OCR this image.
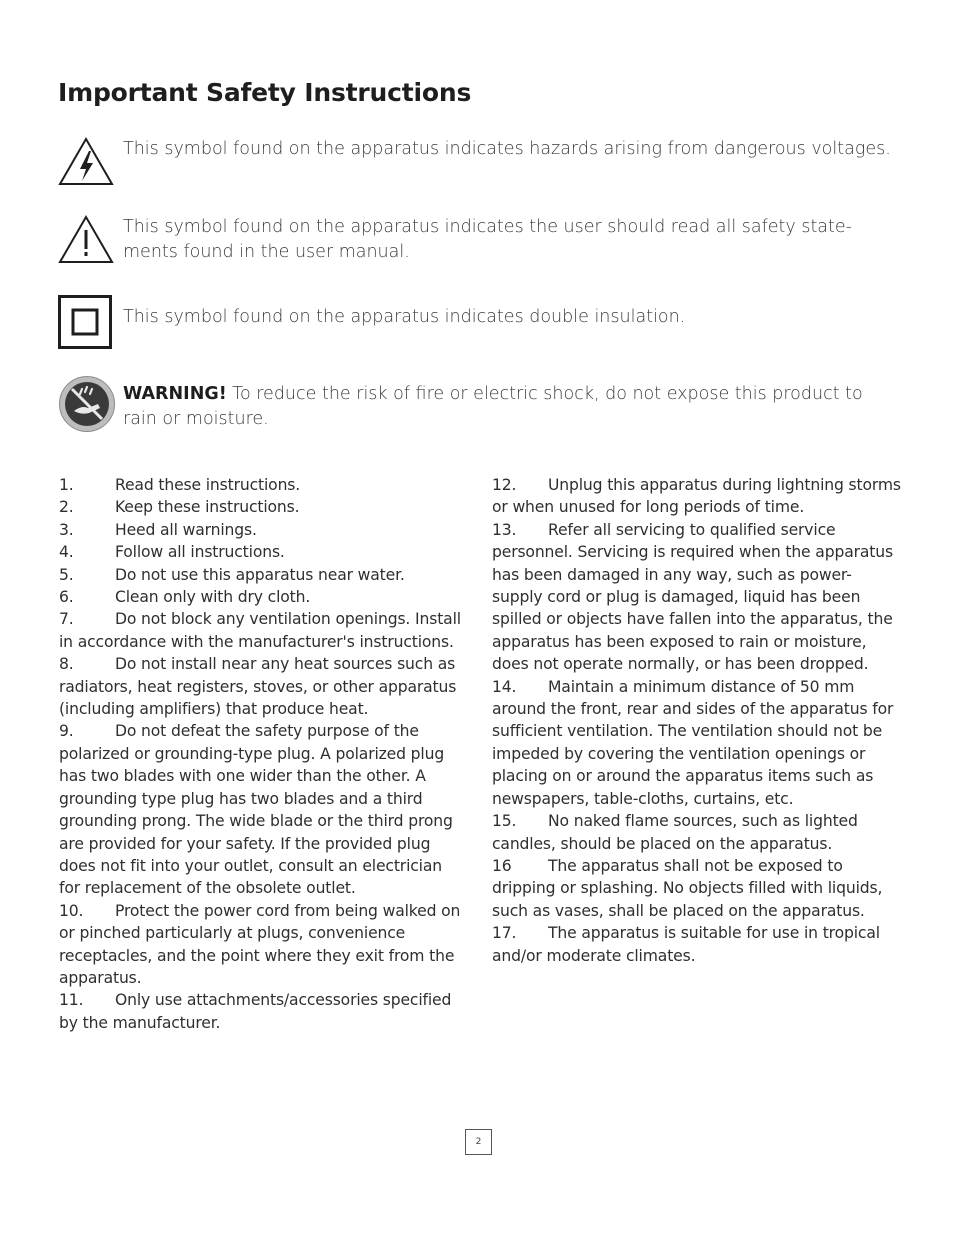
Important Safety Instructions
This symbol found on the apparatus indicates hazards arising from dangerous voltages.
This symbol found on the apparatus indicates the user should read all safety state-ments found in the user manual.
This symbol found on the apparatus indicates double insulation.
WARNING! To reduce the risk of fire or electric shock, do not expose this product to rain or moisture.

1.	Read these instructions.

2.	Keep these instructions.

3.	Heed all warnings.

4.	Follow all instructions.

5.	Do not use this apparatus near water.

6.	Clean only with dry cloth.

7.	Do not block any ventilation openings. Install in accordance with the manufacturer's instructions.

8.	Do not install near any heat sources such as radiators, heat registers, stoves, or other apparatus (including amplifiers) that produce heat.

9.	Do not defeat the safety purpose of the polarized or grounding-type plug. A polarized plug has two blades with one wider than the other. A grounding type plug has two blades and a third grounding prong. The wide blade or the third prong are provided for your safety. If the provided plug does not fit into your outlet, consult an electrician for replacement of the obsolete outlet.

10. Protect the power cord from being walked on or pinched particularly at plugs, convenience receptacles, and the point where they exit from the apparatus.

11. Only use attachments/accessories specified by the manufacturer.

12. Unplug this apparatus during lightning storms or when unused for long periods of time.

13. Refer all servicing to qualified service personnel. Servicing is required when the apparatus has been damaged in any way, such as power-supply cord or plug is damaged, liquid has been spilled or objects have fallen into the apparatus, the apparatus has been exposed to rain or moisture, does not operate normally, or has been dropped.

14. Maintain a minimum distance of 50 mm around the front, rear and sides of the apparatus for sufficient ventilation. The ventilation should not be impeded by covering the ventilation openings or placing on or around the apparatus items such as newspapers, table-cloths, curtains, etc.

15. No naked flame sources, such as lighted candles, should be placed on the apparatus.

16 The apparatus shall not be exposed to dripping or splashing. No objects filled with liquids, such as vases, shall be placed on the apparatus.

17. The apparatus is suitable for use in tropical and/or moderate climates.

2
